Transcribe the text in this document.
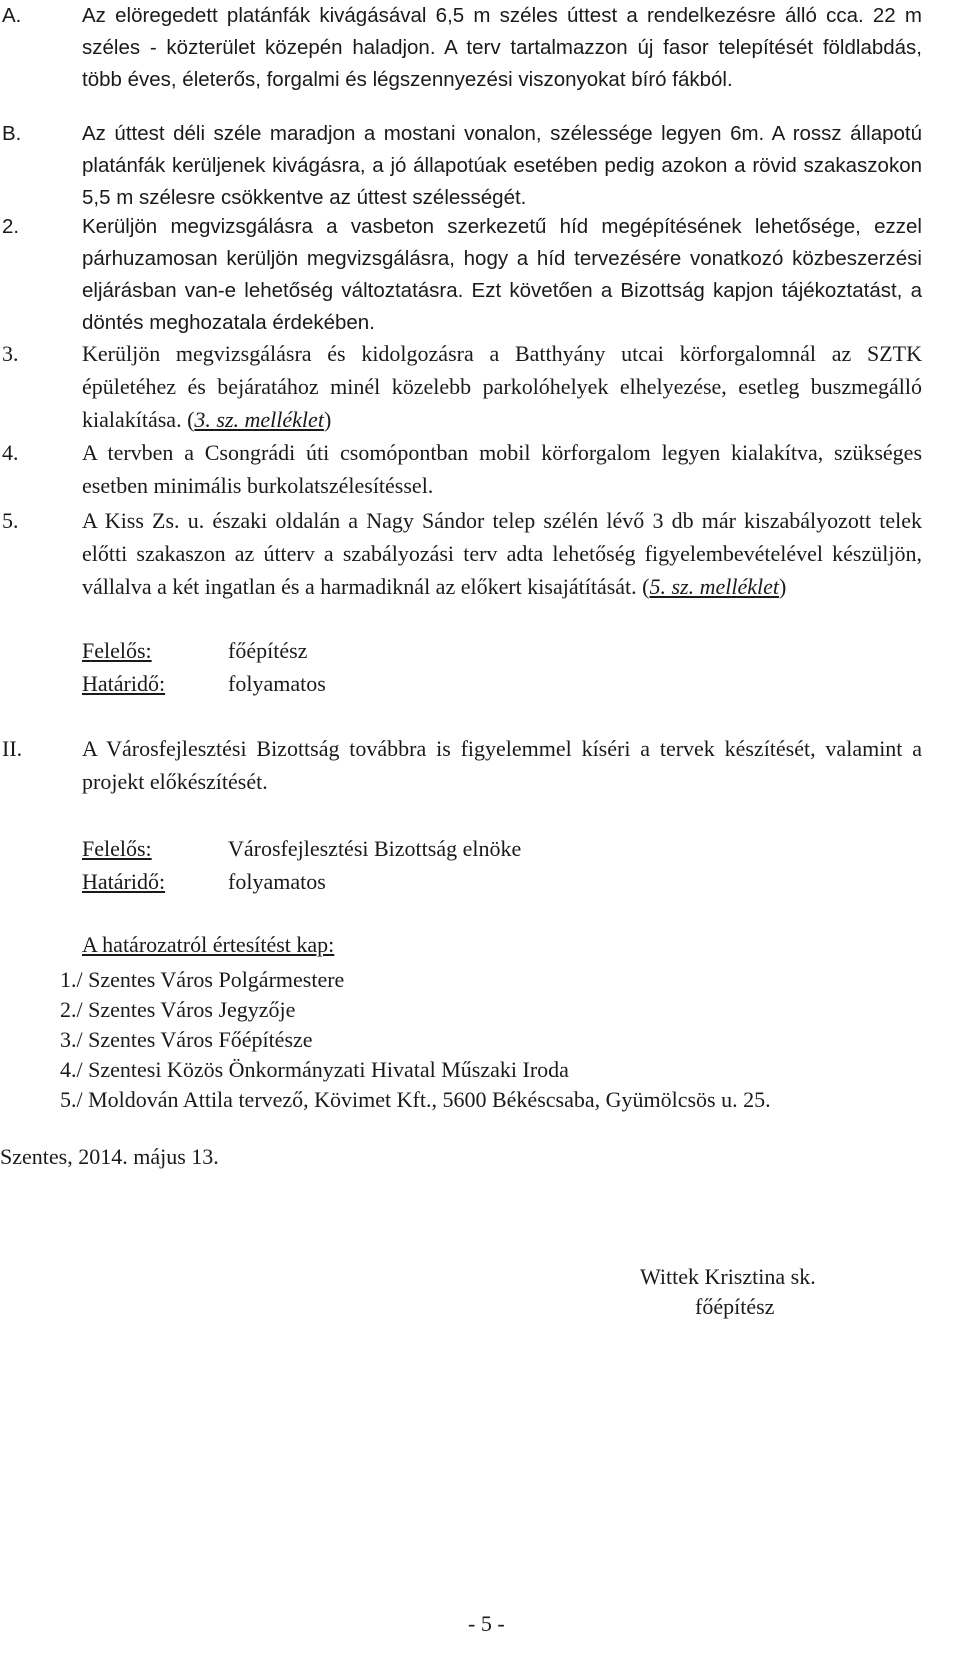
A.	Az elöregedett platánfák kivágásával 6,5 m széles úttest a rendelkezésre álló cca. 22 m széles - közterület közepén haladjon. A terv tartalmazzon új fasor telepítését földlabdás, több éves, életerős, forgalmi és légszennyezési viszonyokat bíró fákból.
B.	Az úttest déli széle maradjon a mostani vonalon, szélessége legyen 6m. A rossz állapotú platánfák kerüljenek kivágásra, a jó állapotúak esetében pedig azokon a rövid szakaszokon 5,5 m szélesre csökkentve az úttest szélességét.
2.	Kerüljön megvizsgálásra a vasbeton szerkezetű híd megépítésének lehetősége, ezzel párhuzamosan kerüljön megvizsgálásra, hogy a híd tervezésére vonatkozó közbeszerzési eljárásban van-e lehetőség változtatásra. Ezt követően a Bizottság kapjon tájékoztatást, a döntés meghozatala érdekében.
3.	Kerüljön megvizsgálásra és kidolgozásra a Batthyány utcai körforgalomnál az SZTK épületéhez és bejáratához minél közelebb parkolóhelyek elhelyezése, esetleg buszmegálló kialakítása. (3. sz. melléklet)
4.	A tervben a Csongrádi úti csomópontban mobil körforgalom legyen kialakítva, szükséges esetben minimális burkolatszélesítéssel.
5.	A Kiss Zs. u. északi oldalán a Nagy Sándor telep szélén lévő 3 db már kiszabályozott telek előtti szakaszon az útterv a szabályozási terv adta lehetőség figyelembevételével készüljön, vállalva a két ingatlan és a harmadiknál az előkert kisajátítását. (5. sz. melléklet)
Felelős:	főépítész
Határidő:	folyamatos
II.	A Városfejlesztési Bizottság továbbra is figyelemmel kíséri a tervek készítését, valamint a projekt előkészítését.
Felelős:	Városfejlesztési Bizottság elnöke
Határidő:	folyamatos
A határozatról értesítést kap:
1./ Szentes Város Polgármestere
2./ Szentes Város Jegyzője
3./ Szentes Város Főépítésze
4./ Szentesi Közös Önkormányzati Hivatal Műszaki Iroda
5./ Moldován Attila tervező, Kövimet Kft., 5600 Békéscsaba, Gyümölcsös u. 25.
Szentes, 2014. május 13.
Wittek Krisztina sk.
főépítész
- 5 -
